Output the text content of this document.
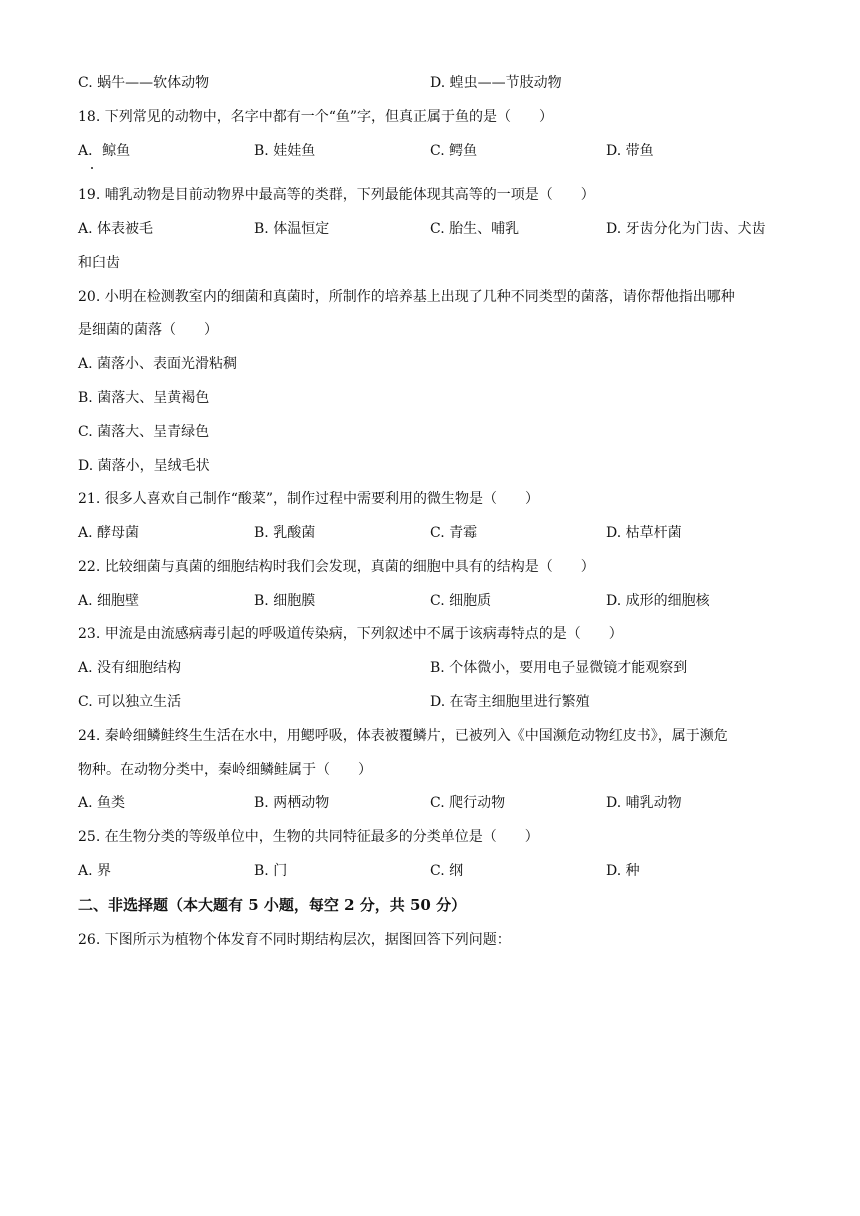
C. 蜗牛——软体动物	D. 蝗虫——节肢动物
18. 下列常见的动物中，名字中都有一个“鱼”字，但真正属于鱼的是（　　）
A．鲸鱼	B. 娃娃鱼	C. 鳄鱼	D. 带鱼
19. 哺乳动物是目前动物界中最高等的类群，下列最能体现其高等的一项是（　　）
A. 体表被毛	B. 体温恒定	C. 胎生、哺乳	D. 牙齿分化为门齿、犬齿
和臼齿
20. 小明在检测教室内的细菌和真菌时，所制作的培养基上出现了几种不同类型的菌落，请你帮他指出哪种
是细菌的菌落（　　）
A. 菌落小、表面光滑粘稠
B. 菌落大、呈黄褐色
C. 菌落大、呈青绿色
D. 菌落小，呈绒毛状
21. 很多人喜欢自己制作“酸菜”，制作过程中需要利用的微生物是（　　）
A. 酵母菌	B. 乳酸菌	C. 青霉	D. 枯草杆菌
22. 比较细菌与真菌的细胞结构时我们会发现，真菌的细胞中具有的结构是（　　）
A. 细胞壁	B. 细胞膜	C. 细胞质	D. 成形的细胞核
23. 甲流是由流感病毒引起的呼吸道传染病，下列叙述中不属于该病毒特点的是（　　）
A. 没有细胞结构	B. 个体微小，要用电子显微镜才能观察到
C. 可以独立生活	D. 在寄主细胞里进行繁殖
24. 秦岭细鳞鲑终生生活在水中，用鳃呼吸，体表被覆鳞片，已被列入《中国濒危动物红皮书》，属于濒危
物种。在动物分类中，秦岭细鳞鲑属于（　　）
A. 鱼类	B. 两栖动物	C. 爬行动物	D. 哺乳动物
25. 在生物分类的等级单位中，生物的共同特征最多的分类单位是（　　）
A. 界	B. 门	C. 纲	D. 种
二、非选择题（本大题有 5 小题，每空 2 分，共 50 分）
26. 下图所示为植物个体发育不同时期结构层次，据图回答下列问题：
